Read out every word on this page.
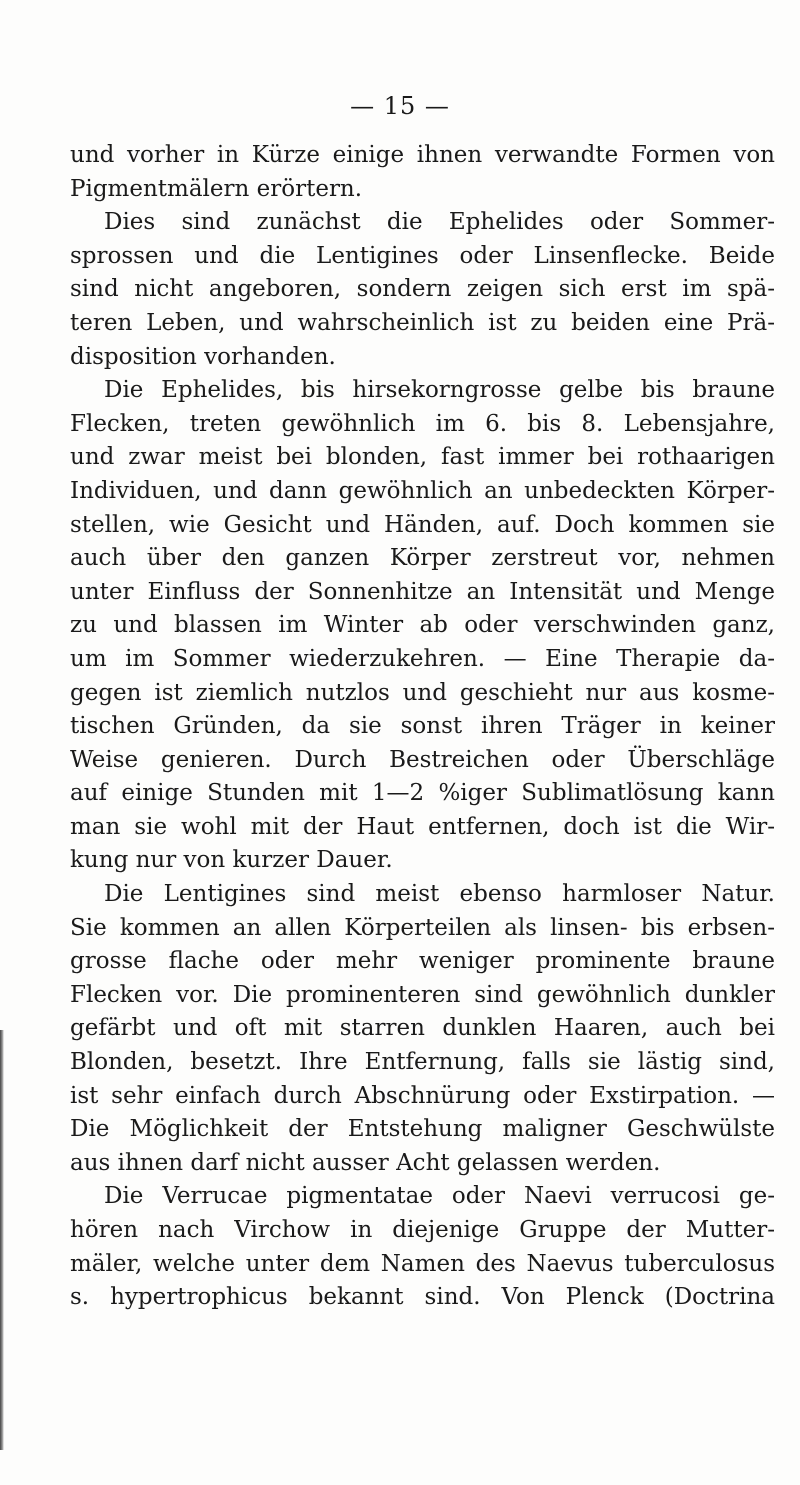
— 15 —
und vorher in Kürze einige ihnen verwandte Formen von
Pigmentmälern erörtern.
Dies sind zunächst die Ephelides oder Sommer-
sprossen und die Lentigines oder Linsenflecke. Beide
sind nicht angeboren, sondern zeigen sich erst im spä-
teren Leben, und wahrscheinlich ist zu beiden eine Prä-
disposition vorhanden.
Die Ephelides, bis hirsekorngrosse gelbe bis braune
Flecken, treten gewöhnlich im 6. bis 8. Lebensjahre,
und zwar meist bei blonden, fast immer bei rothaarigen
Individuen, und dann gewöhnlich an unbedeckten Körper-
stellen, wie Gesicht und Händen, auf. Doch kommen sie
auch über den ganzen Körper zerstreut vor, nehmen
unter Einfluss der Sonnenhitze an Intensität und Menge
zu und blassen im Winter ab oder verschwinden ganz,
um im Sommer wiederzukehren. — Eine Therapie da-
gegen ist ziemlich nutzlos und geschieht nur aus kosme-
tischen Gründen, da sie sonst ihren Träger in keiner
Weise genieren. Durch Bestreichen oder Überschläge
auf einige Stunden mit 1—2 %iger Sublimatlösung kann
man sie wohl mit der Haut entfernen, doch ist die Wir-
kung nur von kurzer Dauer.
Die Lentigines sind meist ebenso harmloser Natur.
Sie kommen an allen Körperteilen als linsen- bis erbsen-
grosse flache oder mehr weniger prominente braune
Flecken vor. Die prominenteren sind gewöhnlich dunkler
gefärbt und oft mit starren dunklen Haaren, auch bei
Blonden, besetzt. Ihre Entfernung, falls sie lästig sind,
ist sehr einfach durch Abschnürung oder Exstirpation. —
Die Möglichkeit der Entstehung maligner Geschwülste
aus ihnen darf nicht ausser Acht gelassen werden.
Die Verrucae pigmentatae oder Naevi verrucosi ge-
hören nach Virchow in diejenige Gruppe der Mutter-
mäler, welche unter dem Namen des Naevus tuberculosus
s. hypertrophicus bekannt sind. Von Plenck (Doctrina
